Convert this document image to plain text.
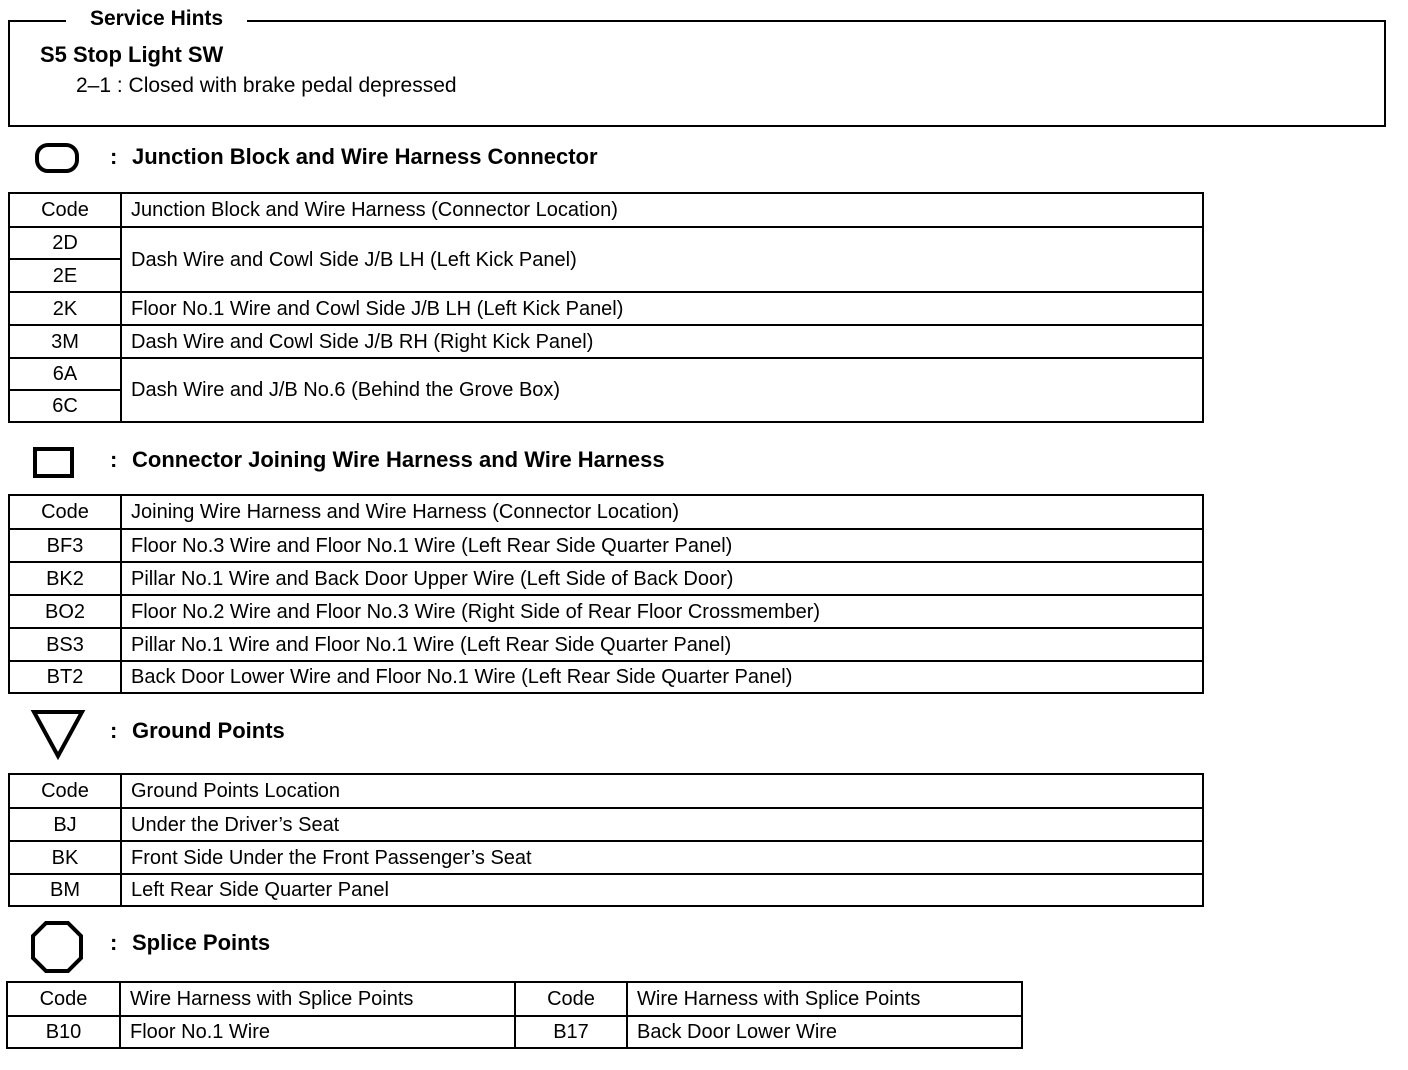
Service Hints
S5 Stop Light SW
2–1 : Closed with brake pedal depressed
: Junction Block and Wire Harness Connector
Code	Junction Block and Wire Harness (Connector Location)
2D	Dash Wire and Cowl Side J/B LH (Left Kick Panel)
2E	
2K	Floor No.1 Wire and Cowl Side J/B LH (Left Kick Panel)
3M	Dash Wire and Cowl Side J/B RH (Right Kick Panel)
6A	Dash Wire and J/B No.6 (Behind the Grove Box)
6C	
: Connector Joining Wire Harness and Wire Harness
Code	Joining Wire Harness and Wire Harness (Connector Location)
BF3	Floor No.3 Wire and Floor No.1 Wire (Left Rear Side Quarter Panel)
BK2	Pillar No.1 Wire and Back Door Upper Wire (Left Side of Back Door)
BO2	Floor No.2 Wire and Floor No.3 Wire (Right Side of Rear Floor Crossmember)
BS3	Pillar No.1 Wire and Floor No.1 Wire (Left Rear Side Quarter Panel)
BT2	Back Door Lower Wire and Floor No.1 Wire (Left Rear Side Quarter Panel)
: Ground Points
Code	Ground Points Location
BJ	Under the Driver’s Seat
BK	Front Side Under the Front Passenger’s Seat
BM	Left Rear Side Quarter Panel
: Splice Points
Code	Wire Harness with Splice Points	Code	Wire Harness with Splice Points
B10	Floor No.1 Wire	B17	Back Door Lower Wire
